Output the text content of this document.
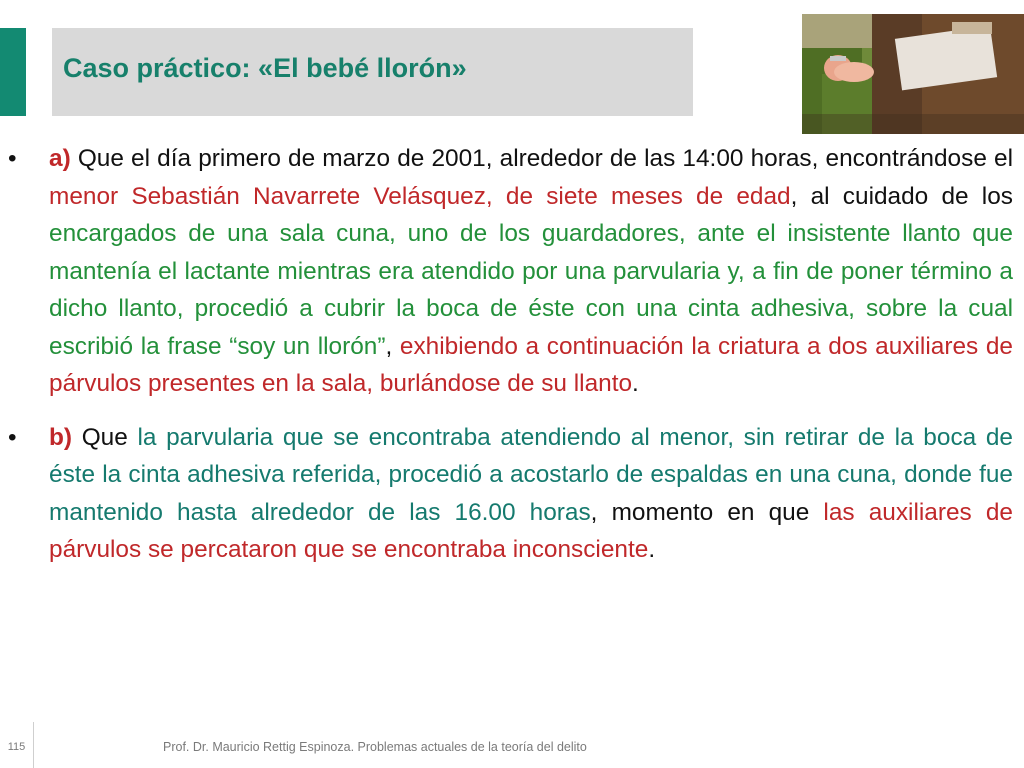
Caso práctico: «El bebé llorón»
• a) Que el día primero de marzo de 2001, alrededor de las 14:00 horas, encontrándose el menor Sebastián Navarrete Velásquez, de siete meses de edad, al cuidado de los encargados de una sala cuna, uno de los guardadores, ante el insistente llanto que mantenía el lactante mientras era atendido por una parvularia y, a fin de poner término a dicho llanto, procedió a cubrir la boca de éste con una cinta adhesiva, sobre la cual escribió la frase “soy un llorón”, exhibiendo a continuación la criatura a dos auxiliares de párvulos presentes en la sala, burlándose de su llanto.
• b) Que la parvularia que se encontraba atendiendo al menor, sin retirar de la boca de éste la cinta adhesiva referida, procedió a acostarlo de espaldas en una cuna, donde fue mantenido hasta alrededor de las 16.00 horas, momento en que las auxiliares de párvulos se percataron que se encontraba inconsciente.
Prof. Dr. Mauricio Rettig Espinoza. Problemas actuales de la teoría del delito
115
